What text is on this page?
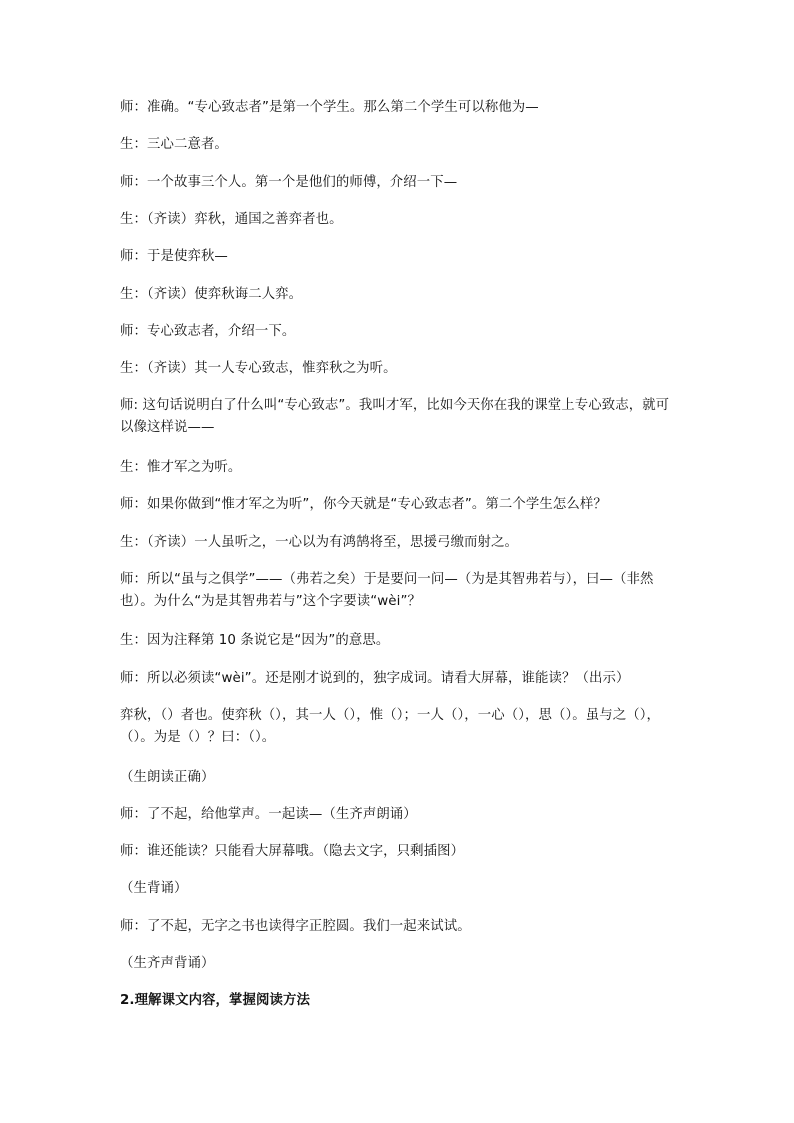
师：准确。“专心致志者”是第一个学生。那么第二个学生可以称他为—

生：三心二意者。

师：一个故事三个人。第一个是他们的师傅，介绍一下—

生：（齐读）弈秋，通国之善弈者也。

师：于是使弈秋—

生：（齐读）使弈秋诲二人弈。

师：专心致志者，介绍一下。

生：（齐读）其一人专心致志，惟弈秋之为听。

师: 这句话说明白了什么叫“专心致志”。我叫才军，比如今天你在我的课堂上专心致志，就可以像这样说——

生：惟才军之为听。

师：如果你做到“惟才军之为听”，你今天就是“专心致志者”。第二个学生怎么样？

生：（齐读）一人虽听之，一心以为有鸿鹄将至，思援弓缴而射之。

师：所以“虽与之俱学”——（弗若之矣）于是要问一问—（为是其智弗若与），曰—（非然也）。为什么“为是其智弗若与”这个字要读“wèi”？

生：因为注释第 10 条说它是“因为”的意思。

师：所以必须读“wèi”。还是刚才说到的，独字成词。请看大屏幕，谁能读？（出示）

弈秋，（）者也。使弈秋（），其一人（），惟（）；一人（），一心（），思（）。虽与之（），（）。为是（）？曰：（）。

（生朗读正确）

师：了不起，给他掌声。一起读—（生齐声朗诵）

师：谁还能读？只能看大屏幕哦。（隐去文字，只剩插图）

（生背诵）

师：了不起，无字之书也读得字正腔圆。我们一起来试试。

（生齐声背诵）

2.理解课文内容，掌握阅读方法
